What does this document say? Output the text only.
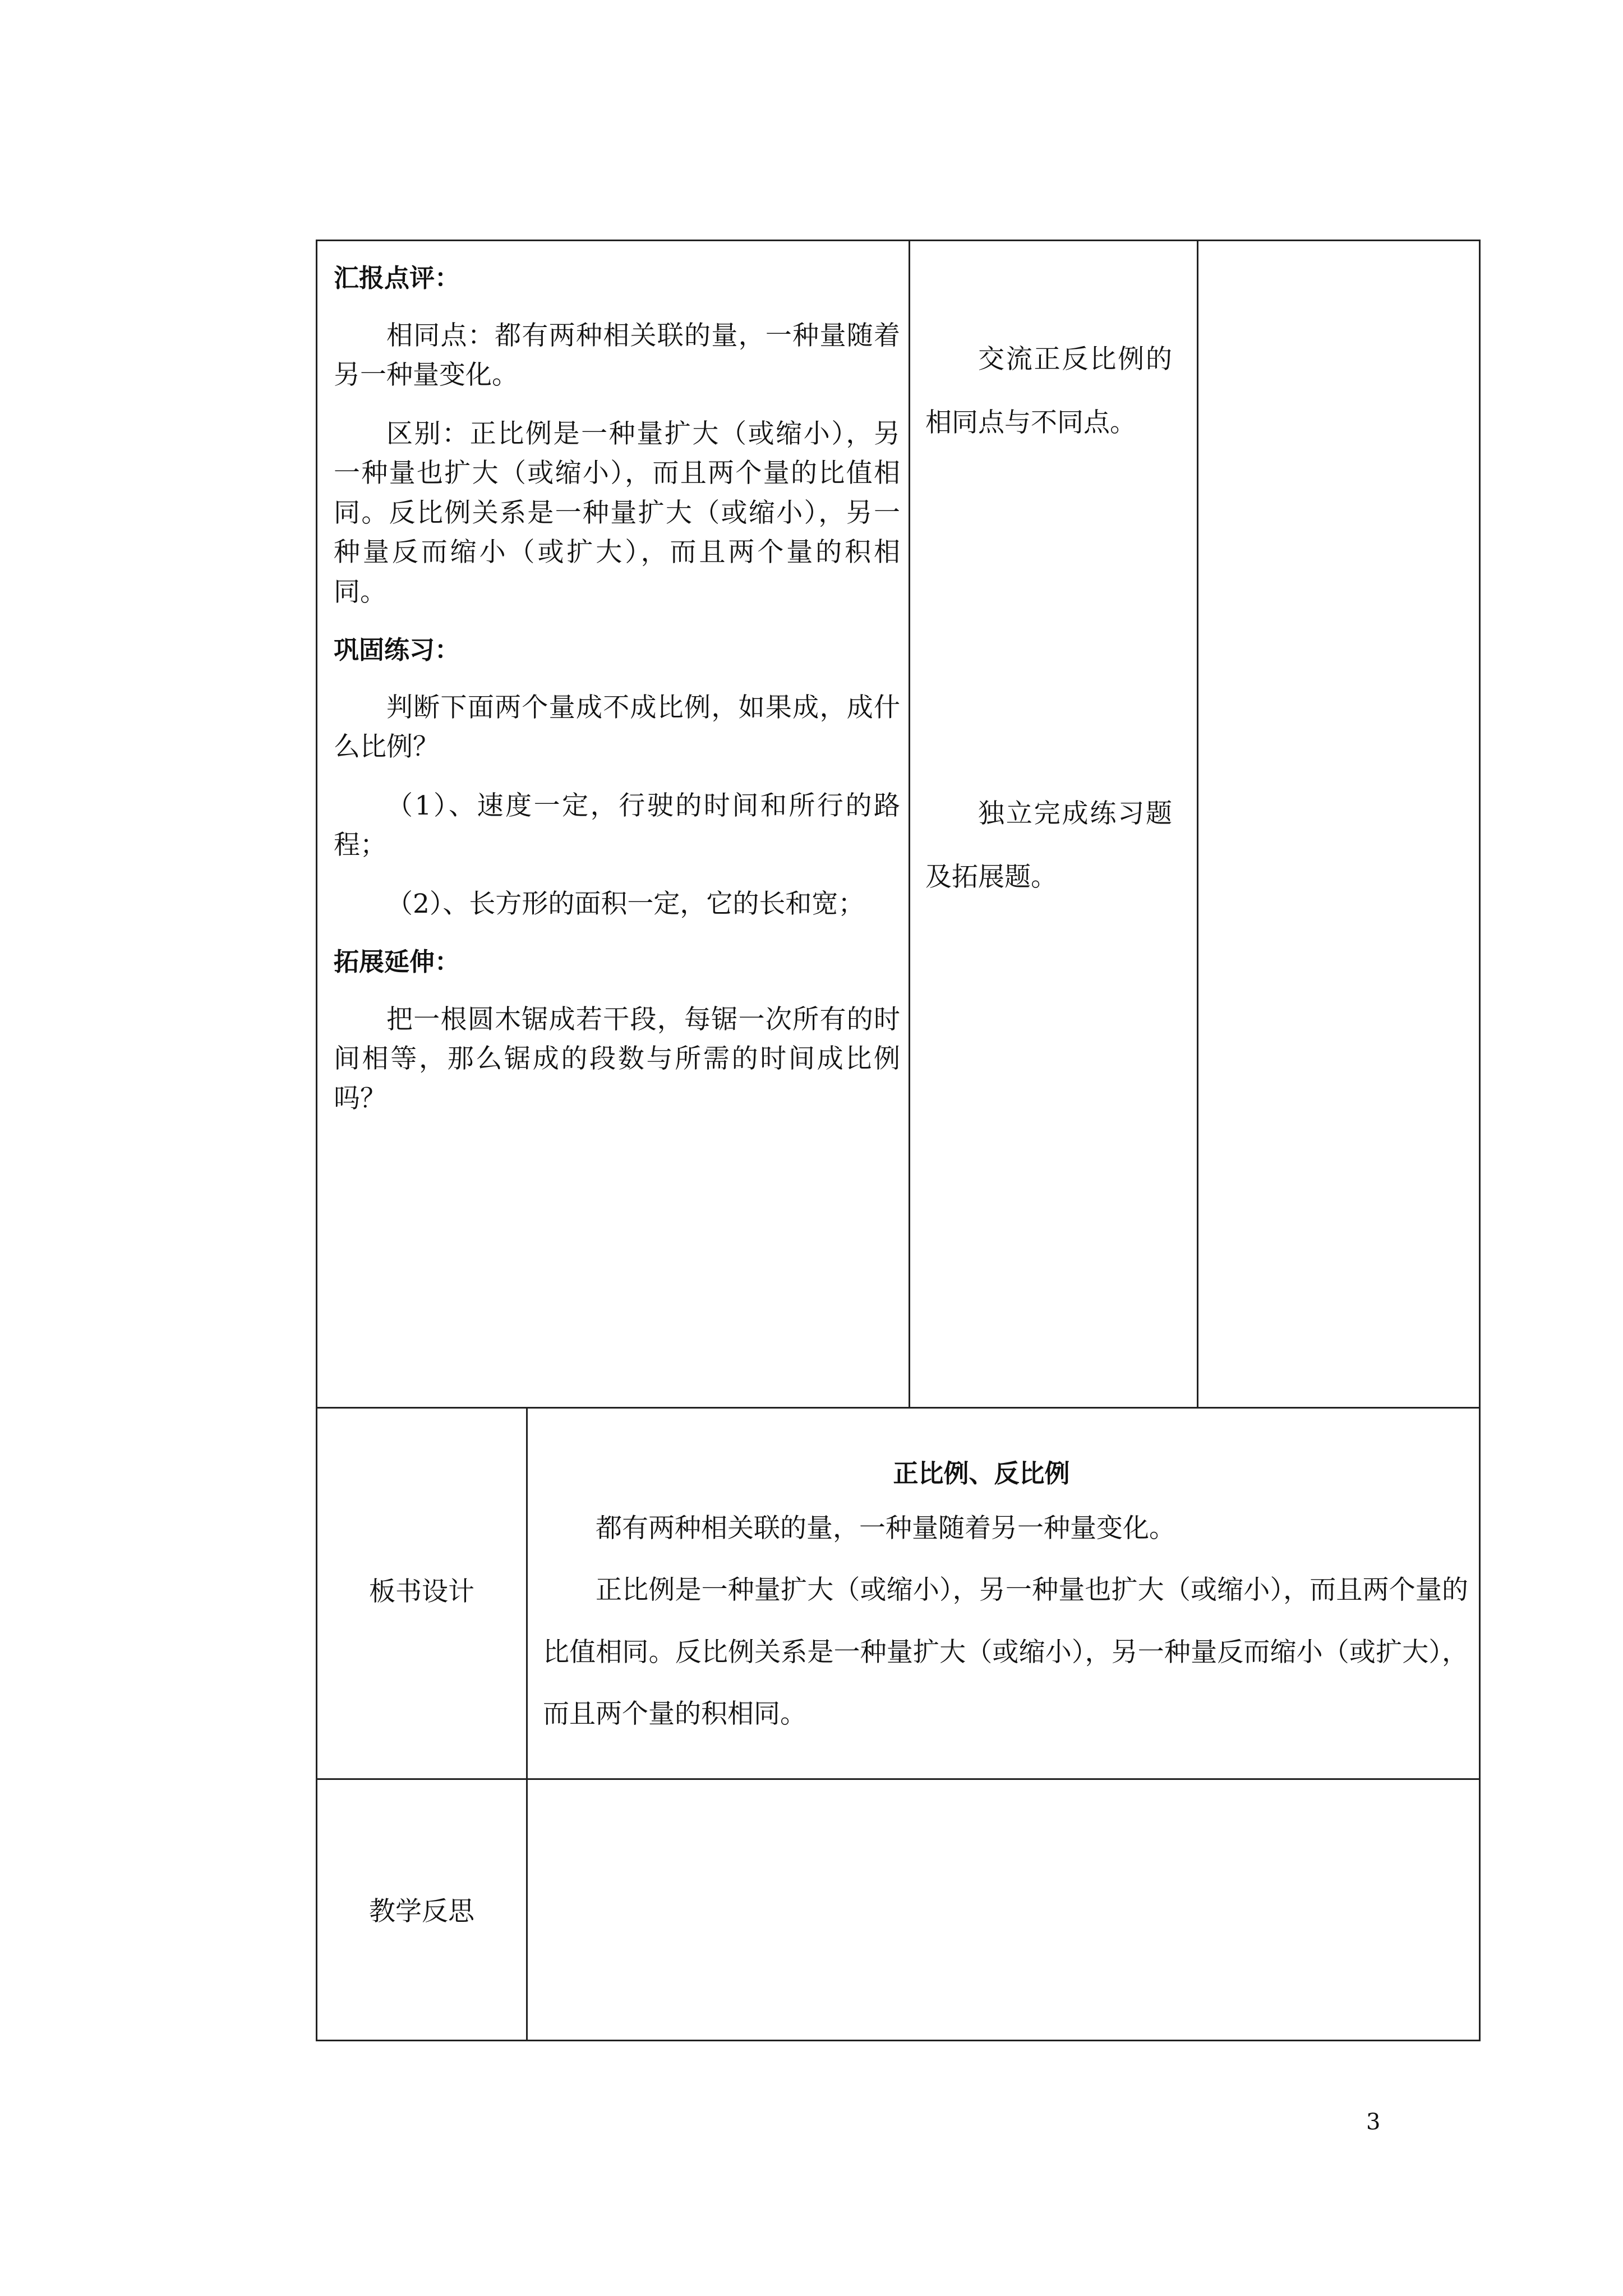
汇报点评：

相同点：都有两种相关联的量，一种量随着另一种量变化。

区别：正比例是一种量扩大（或缩小），另一种量也扩大（或缩小），而且两个量的比值相同。反比例关系是一种量扩大（或缩小），另一种量反而缩小（或扩大），而且两个量的积相同。

巩固练习：

判断下面两个量成不成比例，如果成，成什么比例？

（1）、速度一定，行驶的时间和所行的路程；

（2）、长方形的面积一定，它的长和宽；

拓展延伸：

把一根圆木锯成若干段，每锯一次所有的时间相等，那么锯成的段数与所需的时间成比例吗？

交流正反比例的相同点与不同点。

独立完成练习题及拓展题。

板书设计
正比例、反比例

都有两种相关联的量，一种量随着另一种量变化。

正比例是一种量扩大（或缩小），另一种量也扩大（或缩小），而且两个量的比值相同。反比例关系是一种量扩大（或缩小），另一种量反而缩小（或扩大），而且两个量的积相同。

教学反思
3
